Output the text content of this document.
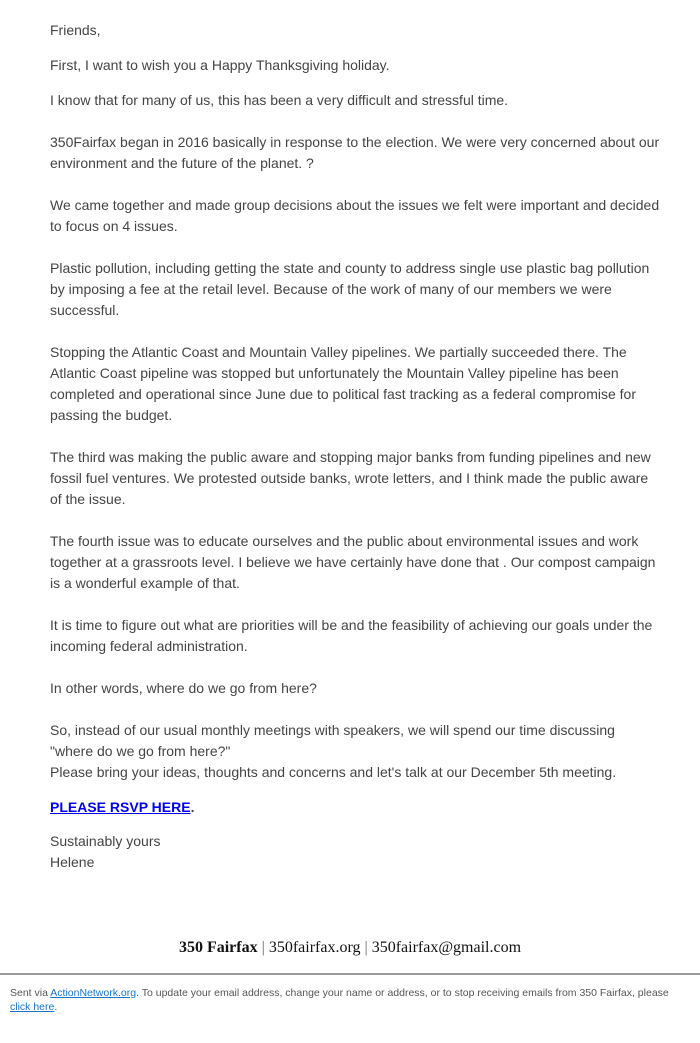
Friends,

First, I want to wish you a Happy Thanksgiving holiday.

I know that for many of us, this has been a very difficult and stressful time.

350Fairfax began in 2016 basically in response to the election. We were very concerned about our environment and the future of the planet. ?

We came together and made group decisions about the issues we felt were important and decided to focus on 4 issues.

Plastic pollution, including getting the state and county to address single use plastic bag pollution by imposing a fee at the retail level. Because of the work of many of our members we were successful.

Stopping the Atlantic Coast and Mountain Valley pipelines. We partially succeeded there. The Atlantic Coast pipeline was stopped but unfortunately the Mountain Valley pipeline has been completed and operational since June due to political fast tracking as a federal compromise for passing the budget.

The third was making the public aware and stopping major banks from funding pipelines and new fossil fuel ventures. We protested outside banks, wrote letters, and I think made the public aware of the issue.

The fourth issue was to educate ourselves and the public about environmental issues and work together at a grassroots level. I believe we have certainly have done that . Our compost campaign is a wonderful example of that.

It is time to figure out what are priorities will be and the feasibility of achieving our goals under the incoming federal administration.

In other words, where do we go from here?

So, instead of our usual monthly meetings with speakers, we will spend our time discussing "where do we go from here?"

Please bring your ideas, thoughts and concerns and let's talk at our December 5th meeting.

PLEASE RSVP HERE.

Sustainably yours

Helene

350 Fairfax | 350fairfax.org | 350fairfax@gmail.com
Sent via ActionNetwork.org. To update your email address, change your name or address, or to stop receiving emails from 350 Fairfax, please click here.
